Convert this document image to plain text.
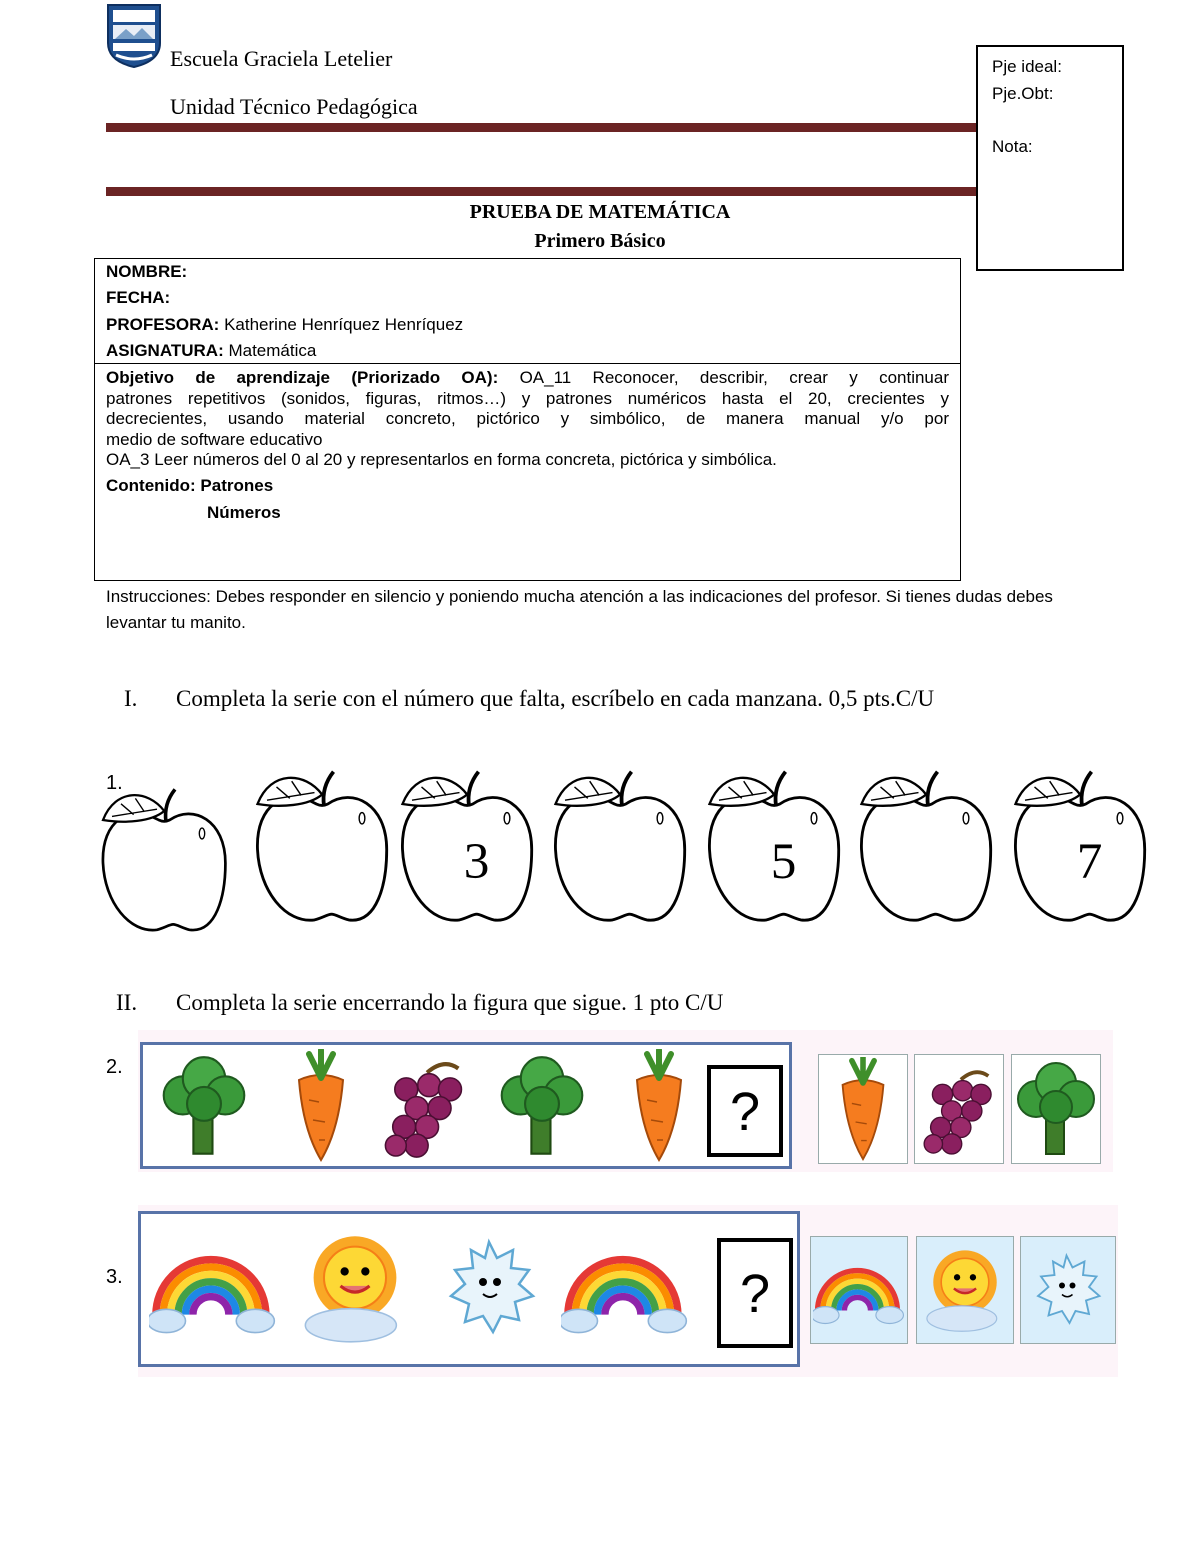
Escuela Graciela Letelier
Unidad Técnico Pedagógica
Pje ideal:
Pje.Obt:
Nota:
PRUEBA DE MATEMÁTICA
Primero Básico
NOMBRE:
FECHA:
PROFESORA: Katherine Henríquez Henríquez
ASIGNATURA: Matemática
Objetivo de aprendizaje (Priorizado OA): OA_11 Reconocer, describir, crear y continuar
patrones repetitivos (sonidos, figuras, ritmos…) y patrones numéricos hasta el 20, crecientes y
decrecientes, usando material concreto, pictórico y simbólico, de manera manual y/o por
medio de software educativo
OA_3 Leer números del 0 al 20 y representarlos en forma concreta, pictórica y simbólica.
Contenido: Patrones
Números
Instrucciones: Debes responder en silencio y poniendo mucha atención a las indicaciones del profesor. Si tienes dudas debes levantar tu manito.
I. Completa la serie con el número que falta, escríbelo en cada manzana. 0,5 pts.C/U
1.
3	5	7
II. Completa la serie encerrando la figura que sigue. 1 pto C/U
2.
?
3.	?
